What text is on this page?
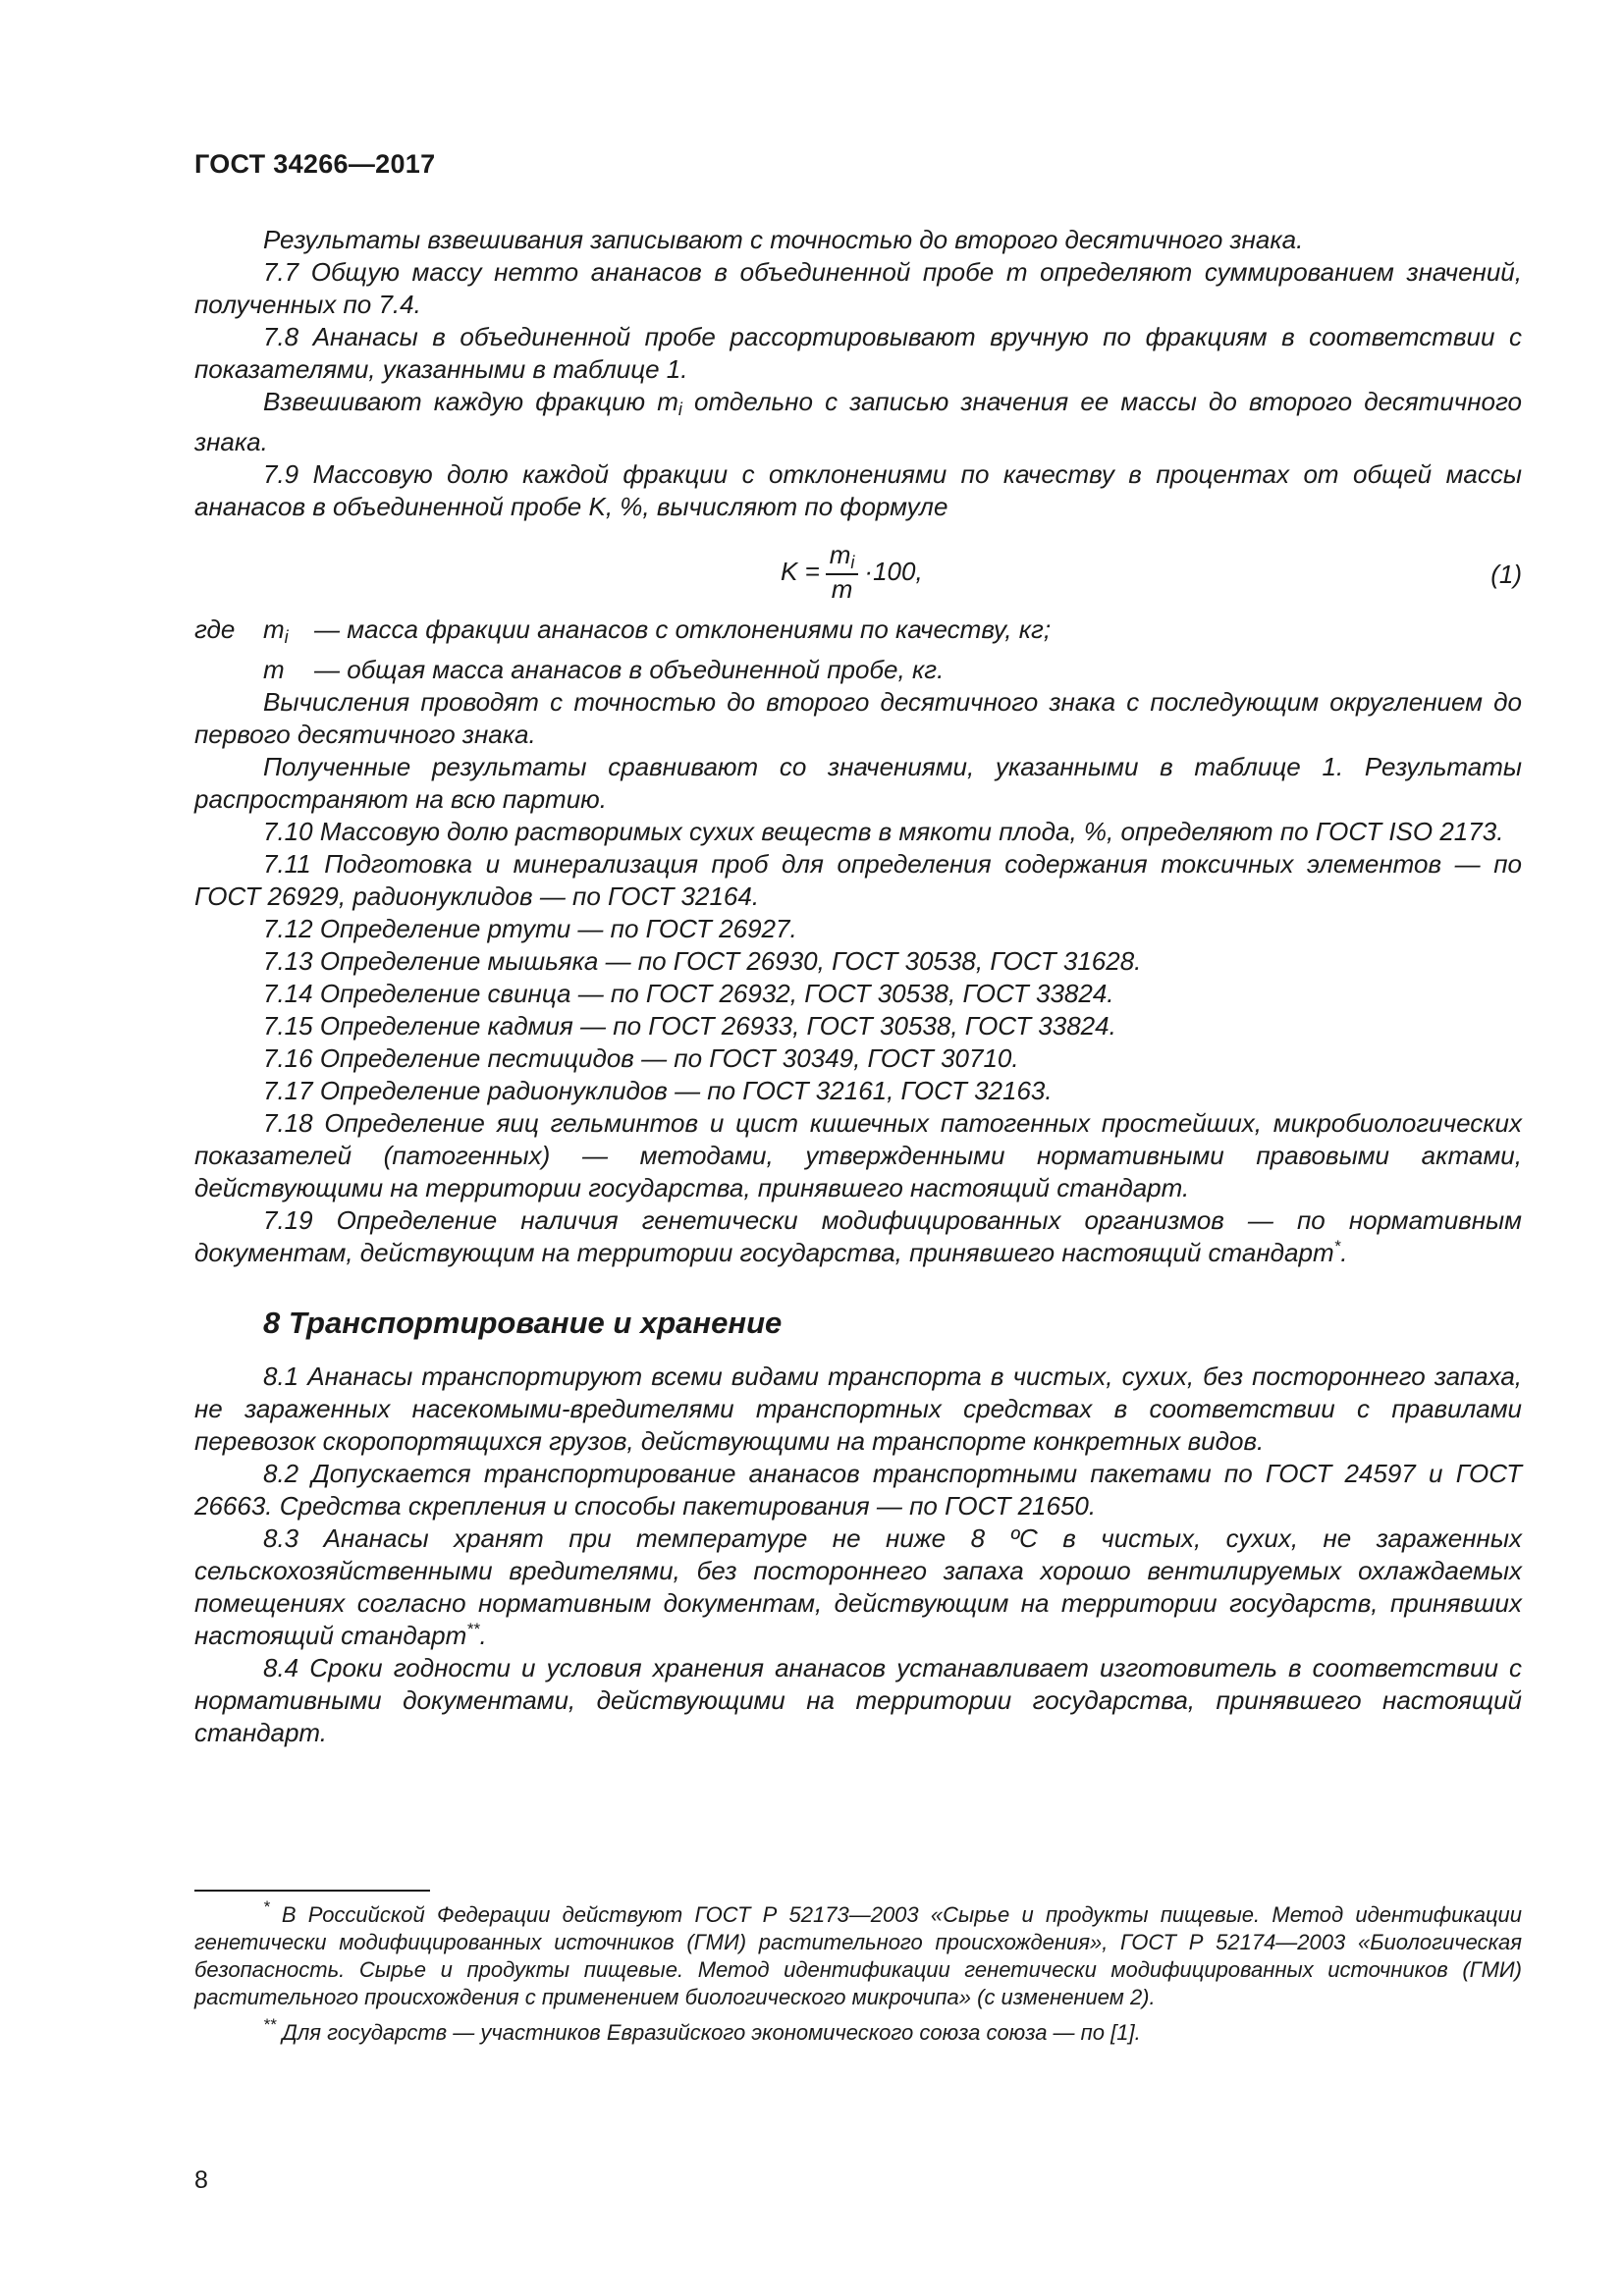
ГОСТ 34266—2017

Результаты взвешивания записывают с точностью до второго десятичного знака.

7.7 Общую массу нетто ананасов в объединенной пробе m определяют суммированием значений, полученных по 7.4.

7.8 Ананасы в объединенной пробе рассортировывают вручную по фракциям в соответствии с показателями, указанными в таблице 1.

Взвешивают каждую фракцию $m_i$ отдельно с записью значения ее массы до второго десятичного знака.

7.9 Массовую долю каждой фракции с отклонениями по качеству в процентах от общей массы ананасов в объединенной пробе K, %, вычисляют по формуле

$K = \frac{m_i}{m} \cdot 100$,	(1)
где	$m_i$	— масса фракции ананасов с отклонениями по качеству, кг;
m	— общая масса ананасов в объединенной пробе, кг.

Вычисления проводят с точностью до второго десятичного знака с последующим округлением до первого десятичного знака.

Полученные результаты сравнивают со значениями, указанными в таблице 1. Результаты распространяют на всю партию.

7.10 Массовую долю растворимых сухих веществ в мякоти плода, %, определяют по ГОСТ ISO 2173.

7.11 Подготовка и минерализация проб для определения содержания токсичных элементов — по ГОСТ 26929, радионуклидов — по ГОСТ 32164.

7.12 Определение ртути — по ГОСТ 26927.

7.13 Определение мышьяка — по ГОСТ 26930, ГОСТ 30538, ГОСТ 31628.

7.14 Определение свинца — по ГОСТ 26932, ГОСТ 30538, ГОСТ 33824.

7.15 Определение кадмия — по ГОСТ 26933, ГОСТ 30538, ГОСТ 33824.

7.16 Определение пестицидов — по ГОСТ 30349, ГОСТ 30710.

7.17 Определение радионуклидов — по ГОСТ 32161, ГОСТ 32163.

7.18 Определение яиц гельминтов и цист кишечных патогенных простейших, микробиологических показателей (патогенных) — методами, утвержденными нормативными правовыми актами, действующими на территории государства, принявшего настоящий стандарт.

7.19 Определение наличия генетически модифицированных организмов — по нормативным документам, действующим на территории государства, принявшего настоящий стандарт*.

8 Транспортирование и хранение

8.1 Ананасы транспортируют всеми видами транспорта в чистых, сухих, без постороннего запаха, не зараженных насекомыми-вредителями транспортных средствах в соответствии с правилами перевозок скоропортящихся грузов, действующими на транспорте конкретных видов.

8.2 Допускается транспортирование ананасов транспортными пакетами по ГОСТ 24597 и ГОСТ 26663. Средства скрепления и способы пакетирования — по ГОСТ 21650.

8.3 Ананасы хранят при температуре не ниже 8 ºС в чистых, сухих, не зараженных сельскохозяйственными вредителями, без постороннего запаха хорошо вентилируемых охлаждаемых помещениях согласно нормативным документам, действующим на территории государств, принявших настоящий стандарт**.

8.4 Сроки годности и условия хранения ананасов устанавливает изготовитель в соответствии с нормативными документами, действующими на территории государства, принявшего настоящий стандарт.

* В Российской Федерации действуют ГОСТ Р 52173—2003 «Сырье и продукты пищевые. Метод идентификации генетически модифицированных источников (ГМИ) растительного происхождения», ГОСТ Р 52174—2003 «Биологическая безопасность. Сырье и продукты пищевые. Метод идентификации генетически модифицированных источников (ГМИ) растительного происхождения с применением биологического микрочипа» (с изменением 2).

** Для государств — участников Евразийского экономического союза союза — по [1].

8
